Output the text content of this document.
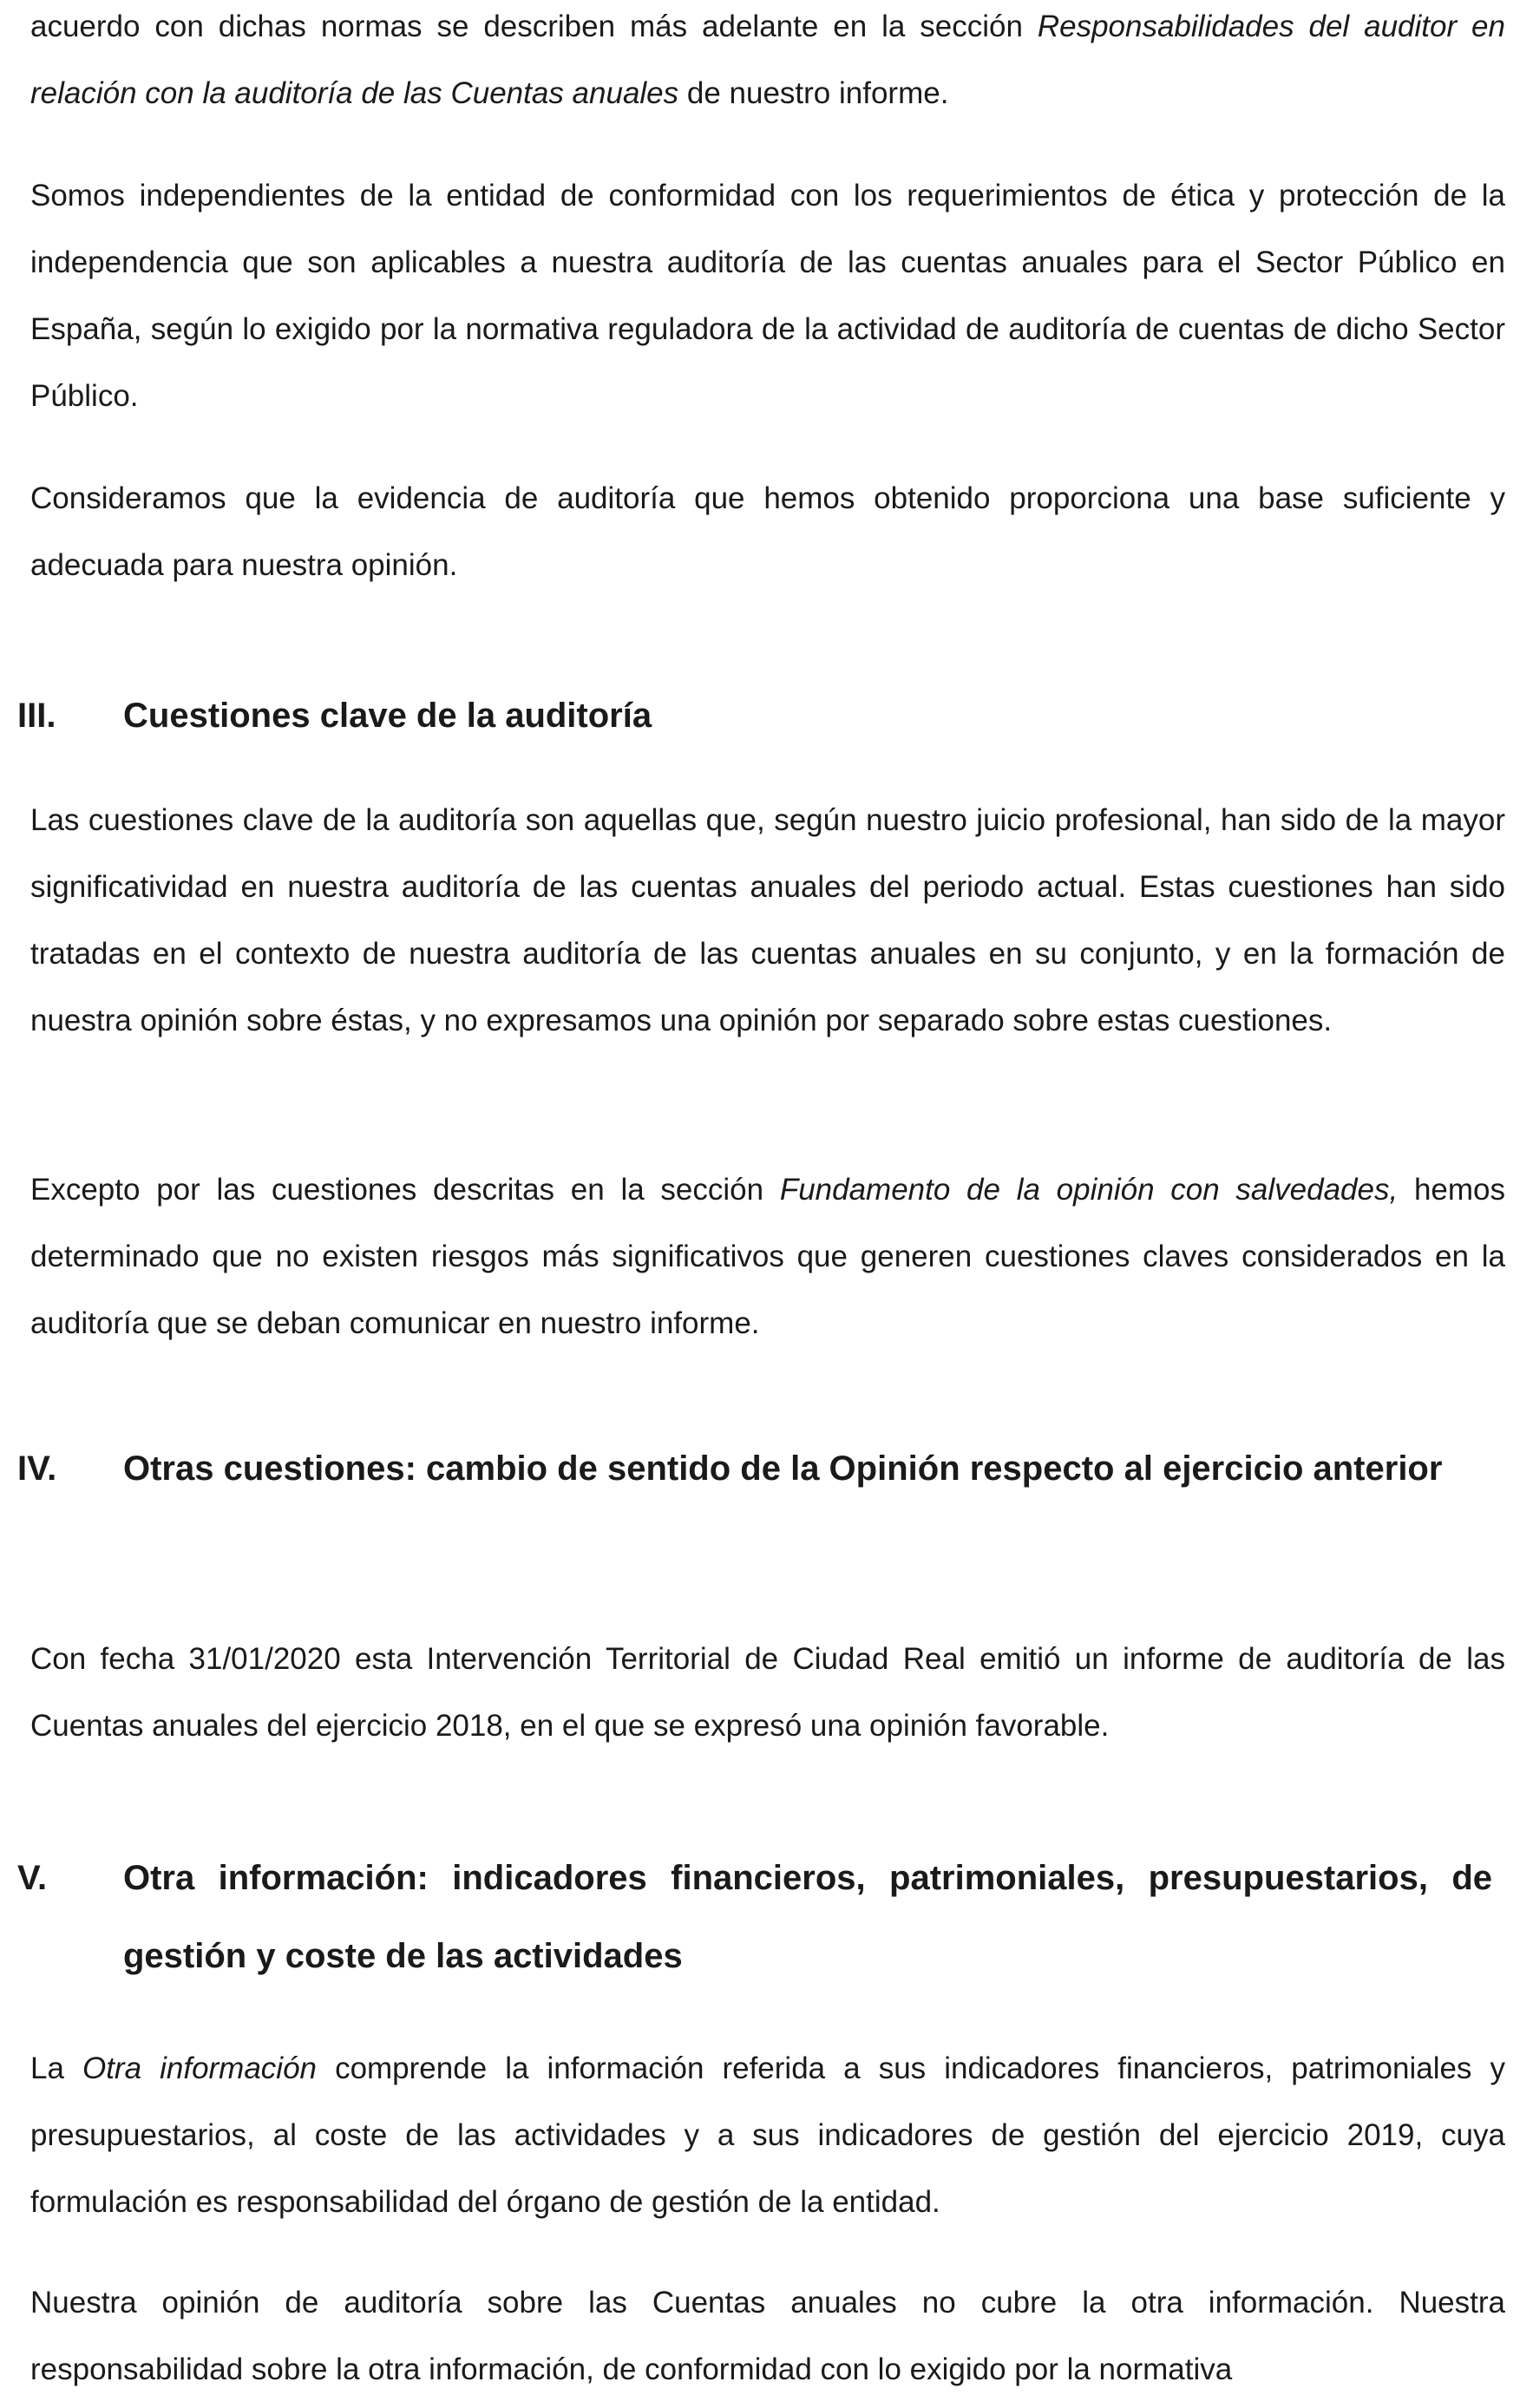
acuerdo con dichas normas se describen más adelante en la sección Responsabilidades del auditor en relación con la auditoría de las Cuentas anuales de nuestro informe.

Somos independientes de la entidad de conformidad con los requerimientos de ética y protección de la independencia que son aplicables a nuestra auditoría de las cuentas anuales para el Sector Público en España, según lo exigido por la normativa reguladora de la actividad de auditoría de cuentas de dicho Sector Público.

Consideramos que la evidencia de auditoría que hemos obtenido proporciona una base suficiente y adecuada para nuestra opinión.

III. Cuestiones clave de la auditoría

Las cuestiones clave de la auditoría son aquellas que, según nuestro juicio profesional, han sido de la mayor significatividad en nuestra auditoría de las cuentas anuales del periodo actual. Estas cuestiones han sido tratadas en el contexto de nuestra auditoría de las cuentas anuales en su conjunto, y en la formación de nuestra opinión sobre éstas, y no expresamos una opinión por separado sobre estas cuestiones.

Excepto por las cuestiones descritas en la sección Fundamento de la opinión con salvedades, hemos determinado que no existen riesgos más significativos que generen cuestiones claves considerados en la auditoría que se deban comunicar en nuestro informe.

IV. Otras cuestiones: cambio de sentido de la Opinión respecto al ejercicio anterior

Con fecha 31/01/2020 esta Intervención Territorial de Ciudad Real emitió un informe de auditoría de las Cuentas anuales del ejercicio 2018, en el que se expresó una opinión favorable.

V. Otra información: indicadores financieros, patrimoniales, presupuestarios, de gestión y coste de las actividades

La Otra información comprende la información referida a sus indicadores financieros, patrimoniales y presupuestarios, al coste de las actividades y a sus indicadores de gestión del ejercicio 2019, cuya formulación es responsabilidad del órgano de gestión de la entidad.

Nuestra opinión de auditoría sobre las Cuentas anuales no cubre la otra información. Nuestra responsabilidad sobre la otra información, de conformidad con lo exigido por la normativa
